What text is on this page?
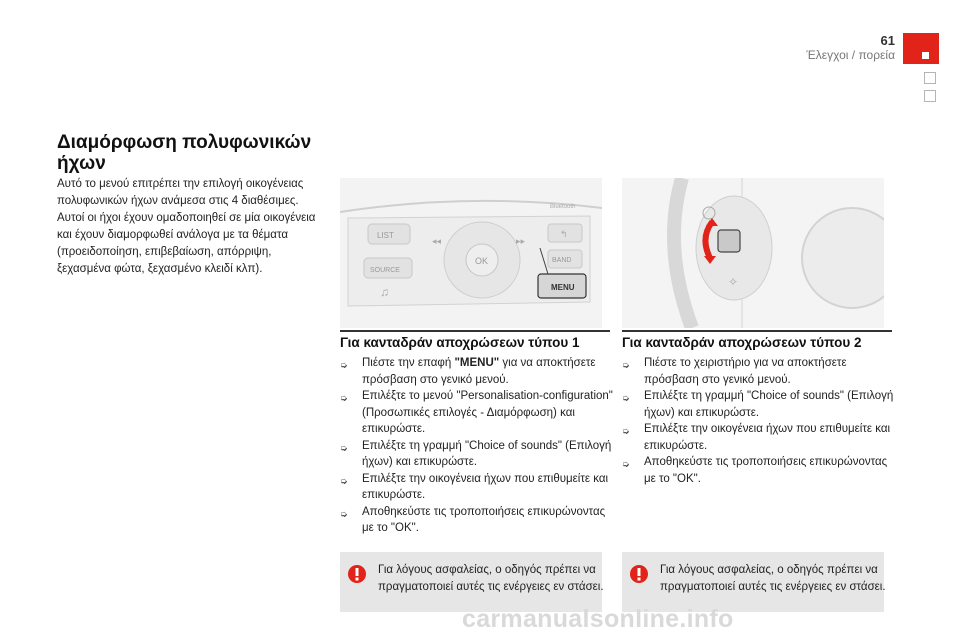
61
Έλεγχοι / πορεία
Διαμόρφωση πολυφωνικών ήχων
Αυτό το μενού επιτρέπει την επιλογή οικογένειας πολυφωνικών ήχων ανάμεσα στις 4 διαθέσιμες. Αυτοί οι ήχοι έχουν ομαδοποιηθεί σε μία οικογένεια και έχουν διαμορφωθεί ανάλογα με τα θέματα (προειδοποίηση, επιβεβαίωση, απόρριψη, ξεχασμένα φώτα, ξεχασμένο κλειδί κλπ).
LIST
SOURCE
♫
OK
◂◂	▸▸
↰
BAND
MENU
Bluetooth
✧
Για κανταδράν αποχρώσεων τύπου 1
➭ Πιέστε την επαφή "MENU" για να αποκτήσετε πρόσβαση στο γενικό μενού.
➭ Επιλέξτε το μενού "Personalisation-configuration" (Προσωπικές επιλογές - Διαμόρφωση) και επικυρώστε.
➭ Επιλέξτε τη γραμμή "Choice of sounds" (Επιλογή ήχων) και επικυρώστε.
➭ Επιλέξτε την οικογένεια ήχων που επιθυμείτε και επικυρώστε.
➭ Αποθηκεύστε τις τροποποιήσεις επικυρώνοντας με το "OK".
Για λόγους ασφαλείας, ο οδηγός πρέπει να πραγματοποιεί αυτές τις ενέργειες εν στάσει.
Για κανταδράν αποχρώσεων τύπου 2
➭ Πιέστε το χειριστήριο για να αποκτήσετε πρόσβαση στο γενικό μενού.
➭ Επιλέξτε τη γραμμή "Choice of sounds" (Επιλογή ήχων) και επικυρώστε.
➭ Επιλέξτε την οικογένεια ήχων που επιθυμείτε και επικυρώστε.
➭ Αποθηκεύστε τις τροποποιήσεις επικυρώνοντας με το "OK".
Για λόγους ασφαλείας, ο οδηγός πρέπει να πραγματοποιεί αυτές τις ενέργειες εν στάσει.
carmanualsonline.info
